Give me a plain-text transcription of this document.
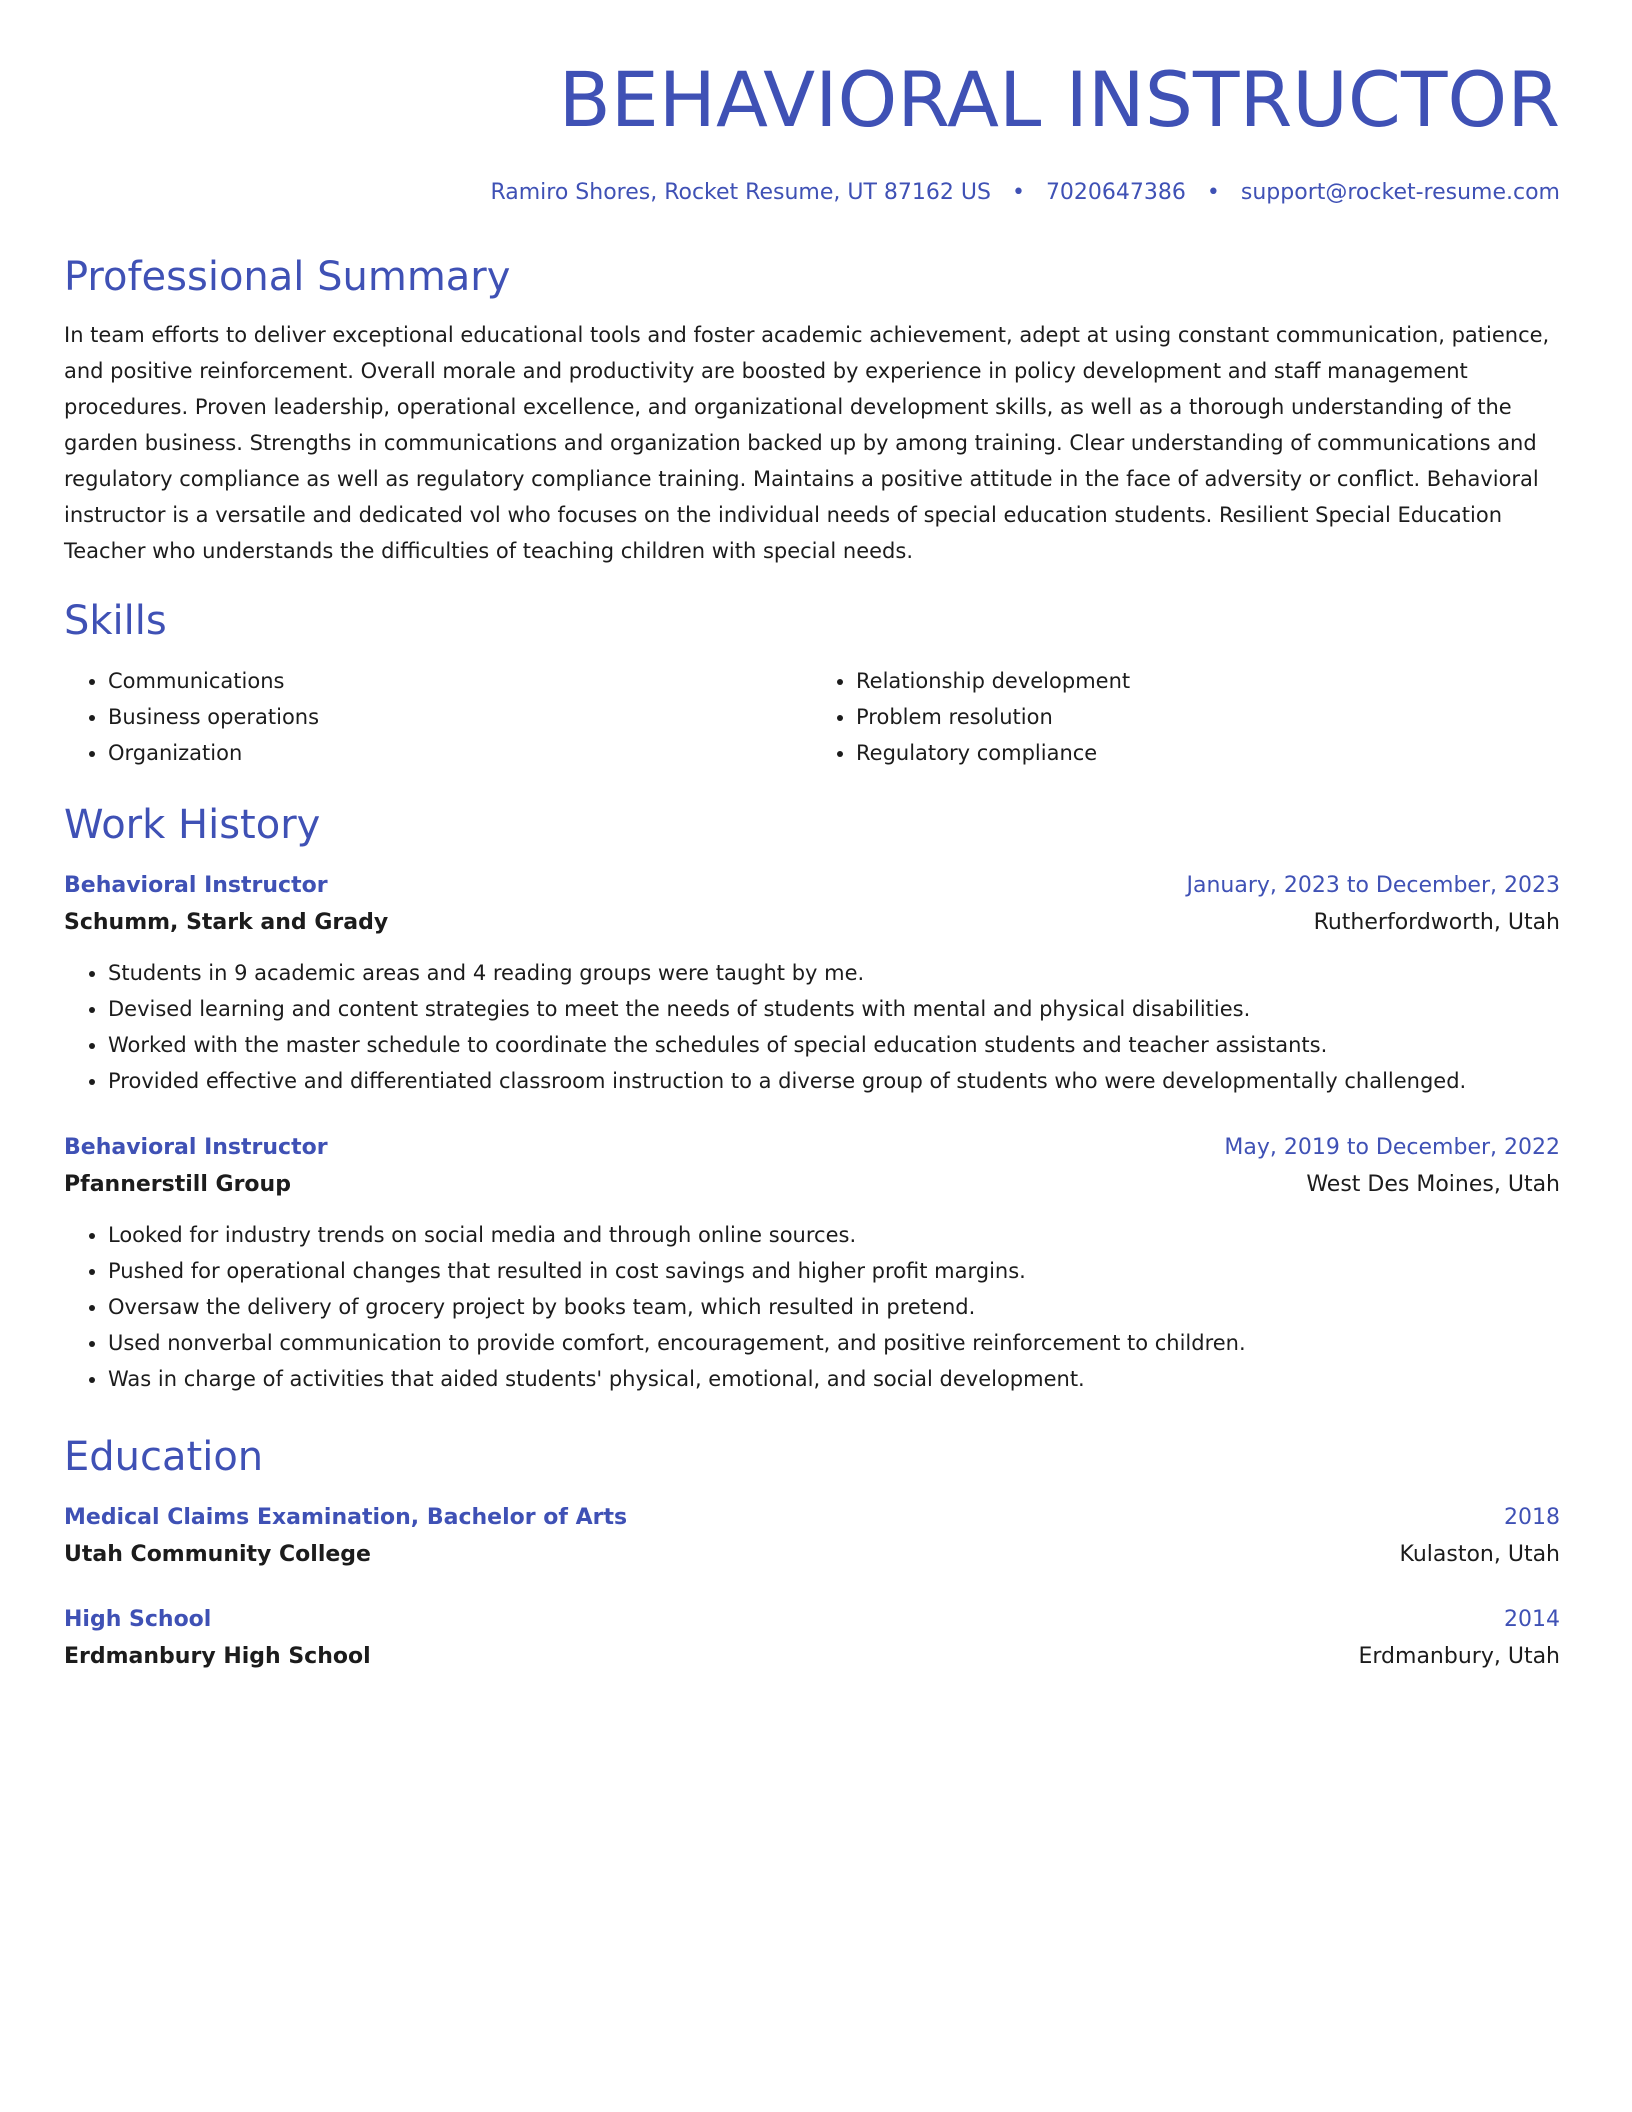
BEHAVIORAL INSTRUCTOR
Ramiro Shores, Rocket Resume, UT 87162 US • 7020647386 • support@rocket-resume.com
Professional Summary

In team efforts to deliver exceptional educational tools and foster academic achievement, adept at using constant communication, patience, and positive reinforcement. Overall morale and productivity are boosted by experience in policy development and staff management procedures. Proven leadership, operational excellence, and organizational development skills, as well as a thorough understanding of the garden business. Strengths in communications and organization backed up by among training. Clear understanding of communications and regulatory compliance as well as regulatory compliance training. Maintains a positive attitude in the face of adversity or conflict. Behavioral instructor is a versatile and dedicated vol who focuses on the individual needs of special education students. Resilient Special Education Teacher who understands the difficulties of teaching children with special needs.

Skills
• Communications
• Business operations
• Organization
• Relationship development
• Problem resolution
• Regulatory compliance
Work History
Behavioral Instructor	January, 2023 to December, 2023
Schumm, Stark and Grady	Rutherfordworth, Utah
• Students in 9 academic areas and 4 reading groups were taught by me.
• Devised learning and content strategies to meet the needs of students with mental and physical disabilities.
• Worked with the master schedule to coordinate the schedules of special education students and teacher assistants.
• Provided effective and differentiated classroom instruction to a diverse group of students who were developmentally challenged.
Behavioral Instructor	May, 2019 to December, 2022
Pfannerstill Group	West Des Moines, Utah
• Looked for industry trends on social media and through online sources.
• Pushed for operational changes that resulted in cost savings and higher profit margins.
• Oversaw the delivery of grocery project by books team, which resulted in pretend.
• Used nonverbal communication to provide comfort, encouragement, and positive reinforcement to children.
• Was in charge of activities that aided students' physical, emotional, and social development.
Education
Medical Claims Examination, Bachelor of Arts	2018
Utah Community College	Kulaston, Utah
High School	2014
Erdmanbury High School	Erdmanbury, Utah
